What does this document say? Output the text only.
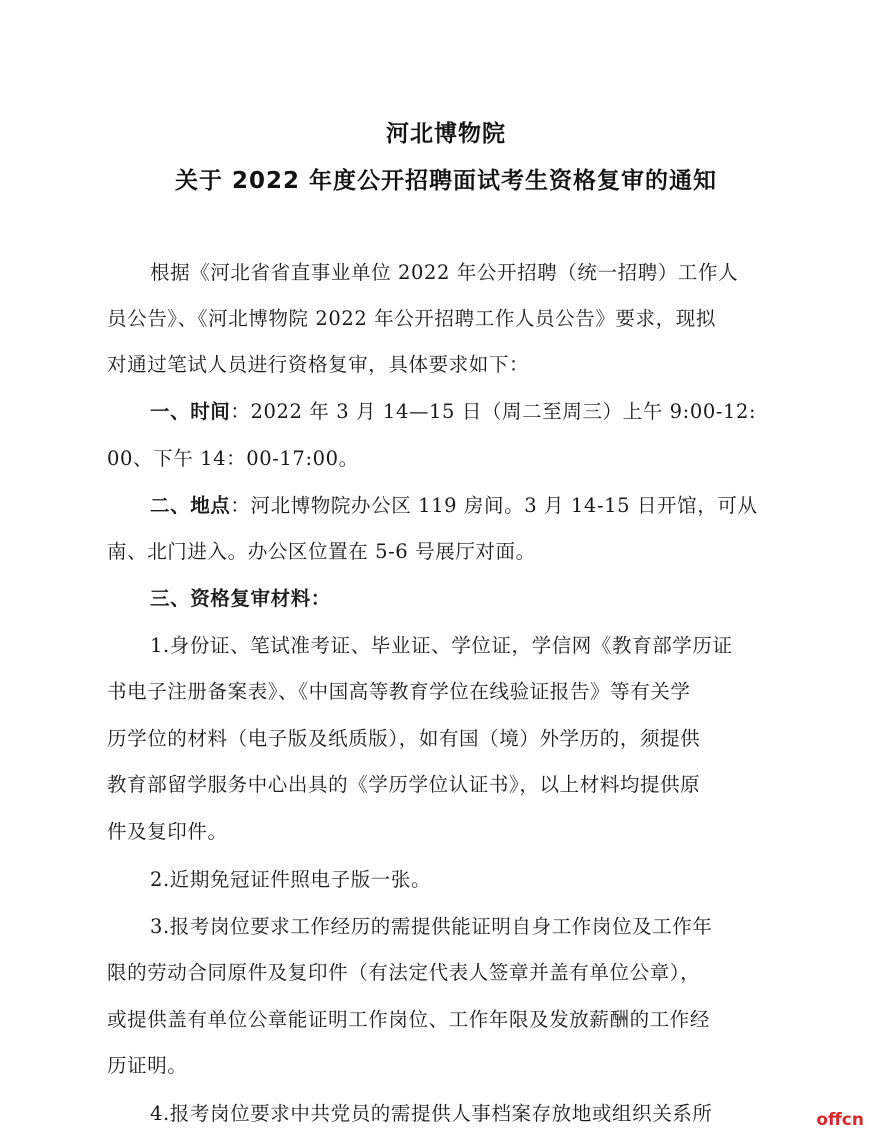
河北博物院
关于 2022 年度公开招聘面试考生资格复审的通知
根据《河北省省直事业单位 2022 年公开招聘（统一招聘）工作人
员公告》、《河北博物院 2022 年公开招聘工作人员公告》要求，现拟
对通过笔试人员进行资格复审，具体要求如下：
一、时间：2022 年 3 月 14—15 日（周二至周三）上午 9:00-12:
00、下午 14：00-17:00。
二、地点：河北博物院办公区 119 房间。3 月 14-15 日开馆，可从
南、北门进入。办公区位置在 5-6 号展厅对面。
三、资格复审材料：
1.身份证、笔试准考证、毕业证、学位证，学信网《教育部学历证
书电子注册备案表》、《中国高等教育学位在线验证报告》等有关学
历学位的材料（电子版及纸质版），如有国（境）外学历的，须提供
教育部留学服务中心出具的《学历学位认证书》，以上材料均提供原
件及复印件。
2.近期免冠证件照电子版一张。
3.报考岗位要求工作经历的需提供能证明自身工作岗位及工作年
限的劳动合同原件及复印件（有法定代表人签章并盖有单位公章），
或提供盖有单位公章能证明工作岗位、工作年限及发放薪酬的工作经
历证明。
4.报考岗位要求中共党员的需提供人事档案存放地或组织关系所	offcn
